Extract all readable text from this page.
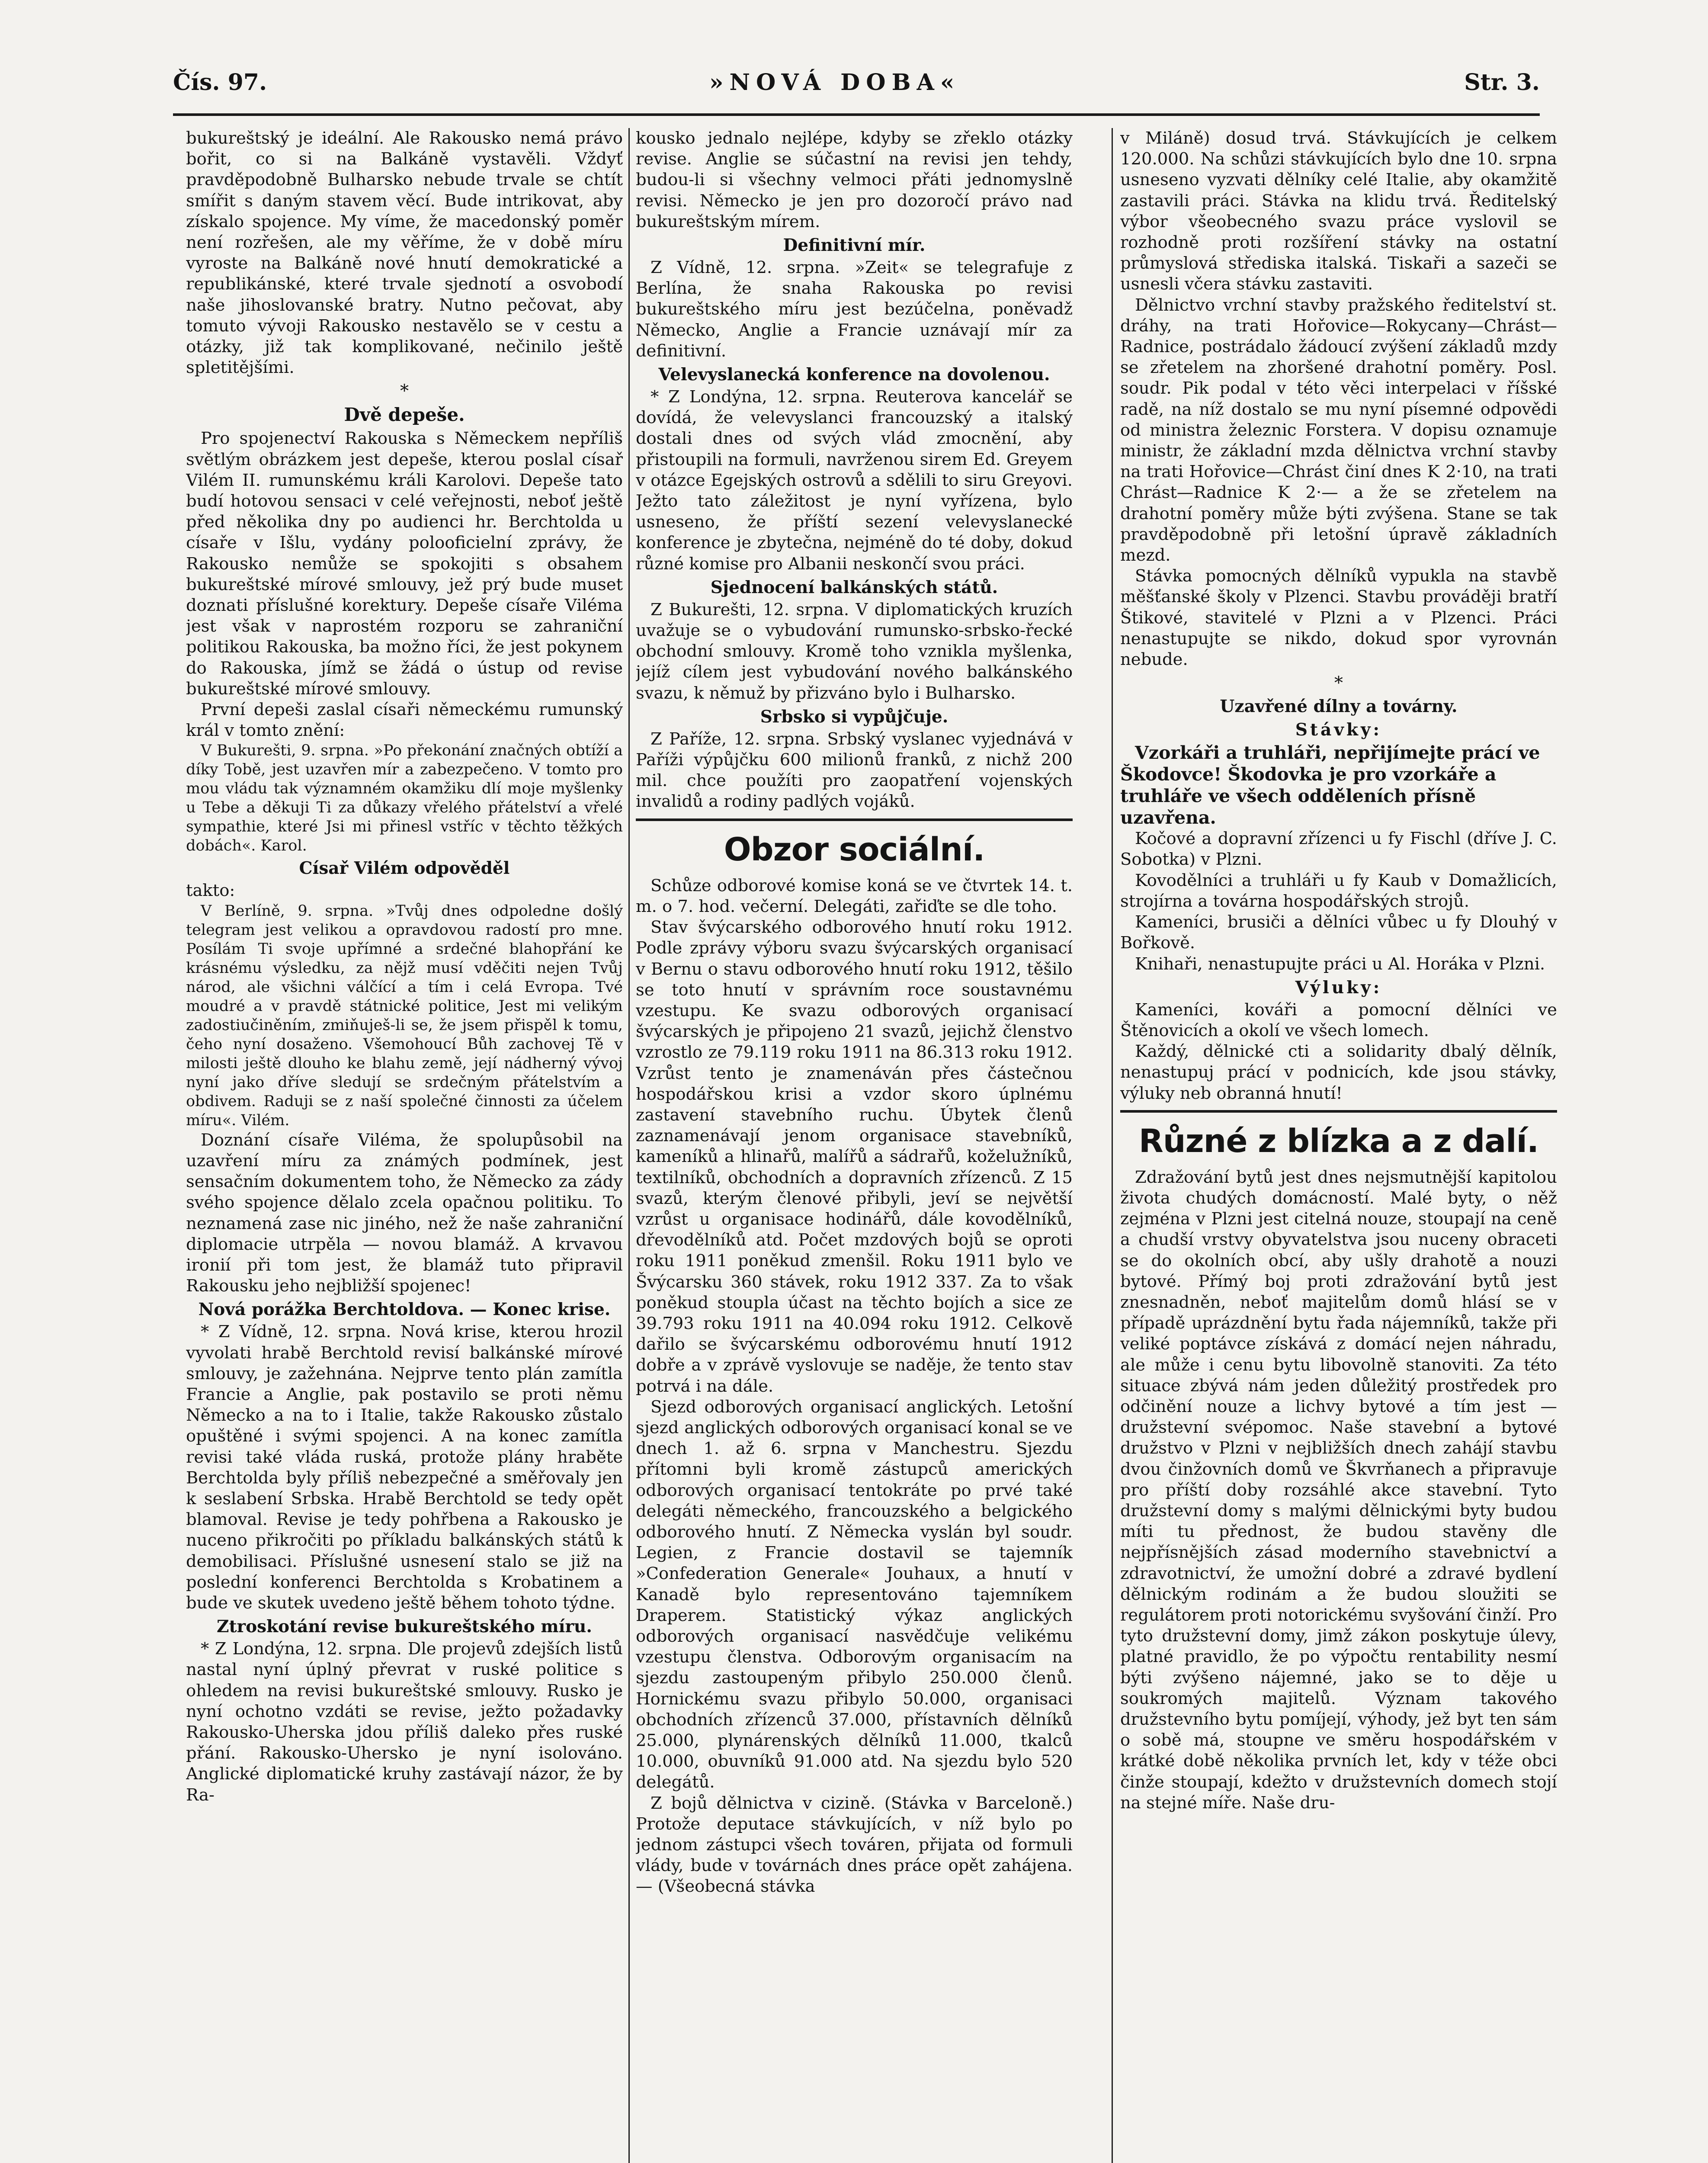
Čís. 97.	»NOVÁ DOBA«	Str. 3.

bukureštský je ideální. Ale Rakousko nemá právo bořit, co si na Balkáně vystavěli. Vždyť pravděpodobně Bulharsko nebude trvale se chtít smířit s daným stavem věcí. Bude intrikovat, aby získalo spojence. My víme, že macedonský poměr není rozřešen, ale my věříme, že v době míru vyroste na Balkáně nové hnutí demokratické a republikánské, které trvale sjednotí a osvobodí naše jihoslovanské bratry. Nutno pečovat, aby tomuto vývoji Rakousko nestavělo se v cestu a otázky, již tak komplikované, nečinilo ještě spletitějšími.

*
Dvě depeše.

Pro spojenectví Rakouska s Německem nepříliš světlým obrázkem jest depeše, kterou poslal císař Vilém II. rumunskému králi Karolovi. Depeše tato budí hotovou sensaci v celé veřejnosti, neboť ještě před několika dny po audienci hr. Berchtolda u císaře v Išlu, vydány polooficielní zprávy, že Rakousko nemůže se spokojiti s obsahem bukureštské mírové smlouvy, jež prý bude muset doznati příslušné korektury. Depeše císaře Viléma jest však v naprostém rozporu se zahraniční politikou Rakouska, ba možno říci, že jest pokynem do Rakouska, jímž se žádá o ústup od revise bukureštské mírové smlouvy.

První depeši zaslal císaři německému rumunský král v tomto znění:

V Bukurešti, 9. srpna. »Po překonání značných obtíží a díky Tobě, jest uzavřen mír a zabezpečeno. V tomto pro mou vládu tak významném okamžiku dlí moje myšlenky u Tebe a děkuji Ti za důkazy vřelého přátelství a vřelé sympathie, které Jsi mi přinesl vstříc v těchto těžkých dobách«. Karol.

Císař Vilém odpověděl

takto:

V Berlíně, 9. srpna. »Tvůj dnes odpoledne došlý telegram jest velikou a opravdovou radostí pro mne. Posílám Ti svoje upřímné a srdečné blahopřání ke krásnému výsledku, za nějž musí vděčiti nejen Tvůj národ, ale všichni válčící a tím i celá Evropa. Tvé moudré a v pravdě státnické politice, Jest mi velikým zadostiučiněním, zmiňuješ-li se, že jsem přispěl k tomu, čeho nyní dosaženo. Všemohoucí Bůh zachovej Tě v milosti ještě dlouho ke blahu země, její nádherný vývoj nyní jako dříve sledují se srdečným přátelstvím a obdivem. Raduji se z naší společné činnosti za účelem míru«. Vilém.

Doznání císaře Viléma, že spolupůsobil na uzavření míru za známých podmínek, jest sensačním dokumentem toho, že Německo za zády svého spojence dělalo zcela opačnou politiku. To neznamená zase nic jiného, než že naše zahraniční diplomacie utrpěla — novou blamáž. A krvavou ironií při tom jest, že blamáž tuto připravil Rakousku jeho nejbližší spojenec!

Nová porážka Berchtoldova. — Konec krise.

* Z Vídně, 12. srpna. Nová krise, kterou hrozil vyvolati hrabě Berchtold revisí balkánské mírové smlouvy, je zažehnána. Nejprve tento plán zamítla Francie a Anglie, pak postavilo se proti němu Německo a na to i Italie, takže Rakousko zůstalo opuštěné i svými spojenci. A na konec zamítla revisi také vláda ruská, protože plány hraběte Berchtolda byly příliš nebezpečné a směřovaly jen k seslabení Srbska. Hrabě Berchtold se tedy opět blamoval. Revise je tedy pohřbena a Rakousko je nuceno přikročiti po příkladu balkánských států k demobilisaci. Příslušné usnesení stalo se již na poslední konferenci Berchtolda s Krobatinem a bude ve skutek uvedeno ještě během tohoto týdne.

Ztroskotání revise bukureštského míru.

* Z Londýna, 12. srpna. Dle projevů zdejších listů nastal nyní úplný převrat v ruské politice s ohledem na revisi bukureštské smlouvy. Rusko je nyní ochotno vzdáti se revise, ježto požadavky Rakousko-Uherska jdou příliš daleko přes ruské přání. Rakousko-Uhersko je nyní isolováno. Anglické diplomatické kruhy zastávají názor, že by Ra-

kousko jednalo nejlépe, kdyby se zřeklo otázky revise. Anglie se súčastní na revisi jen tehdy, budou-li si všechny velmoci přáti jednomyslně revisi. Německo je jen pro dozoročí právo nad bukureštským mírem.

Definitivní mír.

Z Vídně, 12. srpna. »Zeit« se telegrafuje z Berlína, že snaha Rakouska po revisi bukureštského míru jest bezúčelna, poněvadž Německo, Anglie a Francie uznávají mír za definitivní.

Velevyslanecká konference na dovolenou.

* Z Londýna, 12. srpna. Reuterova kancelář se dovídá, že velevyslanci francouzský a italský dostali dnes od svých vlád zmocnění, aby přistoupili na formuli, navrženou sirem Ed. Greyem v otázce Egejských ostrovů a sdělili to siru Greyovi. Ježto tato záležitost je nyní vyřízena, bylo usneseno, že příští sezení velevyslanecké konference je zbytečna, nejméně do té doby, dokud různé komise pro Albanii neskončí svou práci.

Sjednocení balkánských států.

Z Bukurešti, 12. srpna. V diplomatických kruzích uvažuje se o vybudování rumunsko-srbsko-řecké obchodní smlouvy. Kromě toho vznikla myšlenka, jejíž cílem jest vybudování nového balkánského svazu, k němuž by přizváno bylo i Bulharsko.

Srbsko si vypůjčuje.

Z Paříže, 12. srpna. Srbský vyslanec vyjednává v Paříži výpůjčku 600 milionů franků, z nichž 200 mil. chce použíti pro zaopatření vojenských invalidů a rodiny padlých vojáků.

Obzor sociální.

Schůze odborové komise koná se ve čtvrtek 14. t. m. o 7. hod. večerní. Delegáti, zařiďte se dle toho.

Stav švýcarského odborového hnutí roku 1912. Podle zprávy výboru svazu švýcarských organisací v Bernu o stavu odborového hnutí roku 1912, těšilo se toto hnutí v správním roce soustavnému vzestupu. Ke svazu odborových organisací švýcarských je připojeno 21 svazů, jejichž členstvo vzrostlo ze 79.119 roku 1911 na 86.313 roku 1912. Vzrůst tento je znamenáván přes částečnou hospodářskou krisi a vzdor skoro úplnému zastavení stavebního ruchu. Úbytek členů zaznamenávají jenom organisace stavebníků, kameníků a hlinařů, malířů a sádrařů, koželužníků, textilníků, obchodních a dopravních zřízenců. Z 15 svazů, kterým členové přibyli, jeví se největší vzrůst u organisace hodinářů, dále kovodělníků, dřevodělníků atd. Počet mzdových bojů se oproti roku 1911 poněkud zmenšil. Roku 1911 bylo ve Švýcarsku 360 stávek, roku 1912 337. Za to však poněkud stoupla účast na těchto bojích a sice ze 39.793 roku 1911 na 40.094 roku 1912. Celkově dařilo se švýcarskému odborovému hnutí 1912 dobře a v zprávě vyslovuje se naděje, že tento stav potrvá i na dále.

Sjezd odborových organisací anglických. Letošní sjezd anglických odborových organisací konal se ve dnech 1. až 6. srpna v Manchestru. Sjezdu přítomni byli kromě zástupců amerických odborových organisací tentokráte po prvé také delegáti německého, francouzského a belgického odborového hnutí. Z Německa vyslán byl soudr. Legien, z Francie dostavil se tajemník »Confederation Generale« Jouhaux, a hnutí v Kanadě bylo representováno tajemníkem Draperem. Statistický výkaz anglických odborových organisací nasvědčuje velikému vzestupu členstva. Odborovým organisacím na sjezdu zastoupeným přibylo 250.000 členů. Hornickému svazu přibylo 50.000, organisaci obchodních zřízenců 37.000, přístavních dělníků 25.000, plynárenských dělníků 11.000, tkalců 10.000, obuvníků 91.000 atd. Na sjezdu bylo 520 delegátů.

Z bojů dělnictva v cizině. (Stávka v Barceloně.) Protože deputace stávkujících, v níž bylo po jednom zástupci všech továren, přijata od formuli vlády, bude v továrnách dnes práce opět zahájena. — (Všeobecná stávka

v Miláně) dosud trvá. Stávkujících je celkem 120.000. Na schůzi stávkujících bylo dne 10. srpna usneseno vyzvati dělníky celé Italie, aby okamžitě zastavili práci. Stávka na klidu trvá. Ředitelský výbor všeobecného svazu práce vyslovil se rozhodně proti rozšíření stávky na ostatní průmyslová střediska italská. Tiskaři a sazeči se usnesli včera stávku zastaviti.

Dělnictvo vrchní stavby pražského ředitelství st. dráhy, na trati Hořovice—Rokycany—Chrást—Radnice, postrádalo žádoucí zvýšení základů mzdy se zřetelem na zhoršené drahotní poměry. Posl. soudr. Pik podal v této věci interpelaci v říšské radě, na níž dostalo se mu nyní písemné odpovědi od ministra železnic Forstera. V dopisu oznamuje ministr, že základní mzda dělnictva vrchní stavby na trati Hořovice—Chrást činí dnes K 2·10, na trati Chrást—Radnice K 2·— a že se zřetelem na drahotní poměry může býti zvýšena. Stane se tak pravděpodobně při letošní úpravě základních mezd.

Stávka pomocných dělníků vypukla na stavbě měšťanské školy v Plzenci. Stavbu prováději bratří Štikové, stavitelé v Plzni a v Plzenci. Práci nenastupujte se nikdo, dokud spor vyrovnán nebude.

*
Uzavřené dílny a továrny.
Stávky:

Vzorkáři a truhláři, nepřijímejte prácí ve Škodovce! Škodovka je pro vzorkáře a truhláře ve všech odděleních přísně uzavřena.

Kočové a dopravní zřízenci u fy Fischl (dříve J. C. Sobotka) v Plzni.

Kovodělníci a truhláři u fy Kaub v Domažlicích, strojírna a továrna hospodářských strojů.

Kameníci, brusiči a dělníci vůbec u fy Dlouhý v Bořkově.

Knihaři, nenastupujte práci u Al. Horáka v Plzni.

Výluky:

Kameníci, kováři a pomocní dělníci ve Štěnovicích a okolí ve všech lomech.

Každý, dělnické cti a solidarity dbalý dělník, nenastupuj prácí v podnicích, kde jsou stávky, výluky neb obranná hnutí!

Různé z blízka a z dalí.

Zdražování bytů jest dnes nejsmutnější kapitolou života chudých domácností. Malé byty, o něž zejména v Plzni jest citelná nouze, stoupají na ceně a chudší vrstvy obyvatelstva jsou nuceny obraceti se do okolních obcí, aby ušly drahotě a nouzi bytové. Přímý boj proti zdražování bytů jest znesnadněn, neboť majitelům domů hlásí se v případě uprázdnění bytu řada nájemníků, takže při veliké poptávce získává z domácí nejen náhradu, ale může i cenu bytu libovolně stanoviti. Za této situace zbývá nám jeden důležitý prostředek pro odčinění nouze a lichvy bytové a tím jest — družstevní svépomoc. Naše stavební a bytové družstvo v Plzni v nejbližších dnech zahájí stavbu dvou činžovních domů ve Škvrňanech a připravuje pro příští doby rozsáhlé akce stavební. Tyto družstevní domy s malými dělnickými byty budou míti tu přednost, že budou stavěny dle nejpřísnějších zásad moderního stavebnictví a zdravotnictví, že umožní dobré a zdravé bydlení dělnickým rodinám a že budou sloužiti se regulátorem proti notorickému svyšování činží. Pro tyto družstevní domy, jimž zákon poskytuje úlevy, platné pravidlo, že po výpočtu rentability nesmí býti zvýšeno nájemné, jako se to děje u soukromých majitelů. Význam takového družstevního bytu pomíjejí, výhody, jež byt ten sám o sobě má, stoupne ve směru hospodářském v krátké době několika prvních let, kdy v téže obci činže stoupají, kdežto v družstevních domech stojí na stejné míře. Naše dru-
